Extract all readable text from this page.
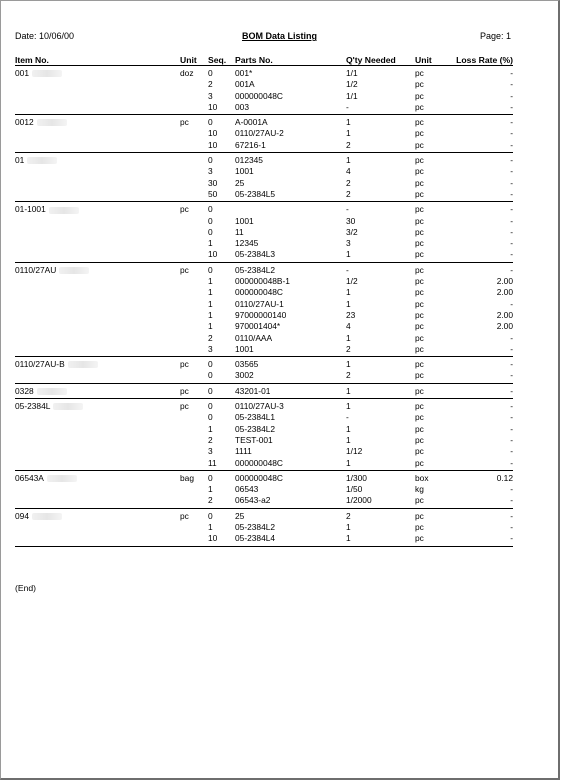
Date: 10/06/00	BOM Data Listing	Page: 1
Item No.	Unit	Seq.	Parts No.	Q'ty Needed	Unit	Loss Rate (%)
001	doz	0	001*	1/1	pc	-
		2	001A	1/2	pc	-
		3	000000048C	1/1	pc	-
		10	003	-	pc	-
0012	pc	0	A-0001A	1	pc	-
		10	0110/27AU-2	1	pc	-
		10	67216-1	2	pc	-
01		0	012345	1	pc	-
		3	1001	4	pc	-
		30	25	2	pc	-
		50	05-2384L5	2	pc	-
01-1001	pc	0		-	pc	-
		0	1001	30	pc	-
		0	11	3/2	pc	-
		1	12345	3	pc	-
		10	05-2384L3	1	pc	-
0110/27AU	pc	0	05-2384L2	-	pc	-
		1	000000048B-1	1/2	pc	2.00
		1	000000048C	1	pc	2.00
		1	0110/27AU-1	1	pc	-
		1	97000000140	23	pc	2.00
		1	970001404*	4	pc	2.00
		2	0110/AAA	1	pc	-
		3	1001	2	pc	-
0110/27AU-B	pc	0	03565	1	pc	-
		0	3002	2	pc	-
0328	pc	0	43201-01	1	pc	-
05-2384L	pc	0	0110/27AU-3	1	pc	-
		0	05-2384L1	-	pc	-
		1	05-2384L2	1	pc	-
		2	TEST-001	1	pc	-
		3	1111	1/12	pc	-
		11	000000048C	1	pc	-
06543A	bag	0	000000048C	1/300	box	0.12
		1	06543	1/50	kg	-
		2	06543-a2	1/2000	pc	-
094	pc	0	25	2	pc	-
		1	05-2384L2	1	pc	-
		10	05-2384L4	1	pc	-
(End)
